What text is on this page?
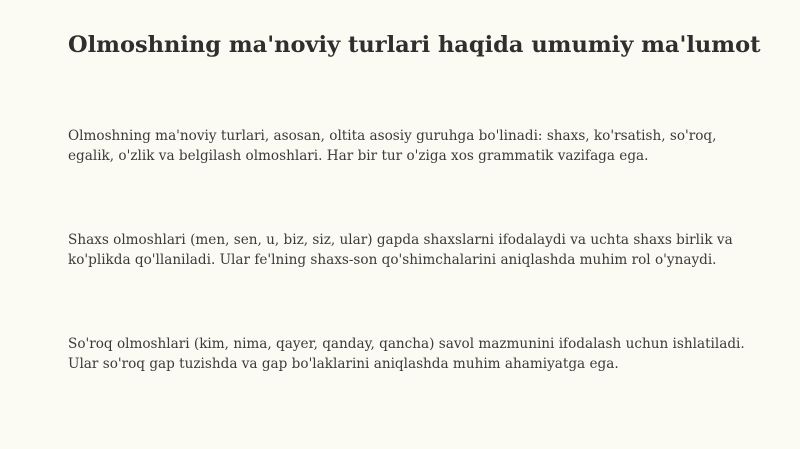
Olmoshning ma'noviy turlari haqida umumiy ma'lumot

Olmoshning ma'noviy turlari, asosan, oltita asosiy guruhga bo'linadi: shaxs, ko'rsatish, so'roq, egalik, o'zlik va belgilash olmoshlari. Har bir tur o'ziga xos grammatik vazifaga ega.

Shaxs olmoshlari (men, sen, u, biz, siz, ular) gapda shaxslarni ifodalaydi va uchta shaxs birlik va ko'plikda qo'llaniladi. Ular fe'lning shaxs-son qo'shimchalarini aniqlashda muhim rol o'ynaydi.

So'roq olmoshlari (kim, nima, qayer, qanday, qancha) savol mazmunini ifodalash uchun ishlatiladi. Ular so'roq gap tuzishda va gap bo'laklarini aniqlashda muhim ahamiyatga ega.
